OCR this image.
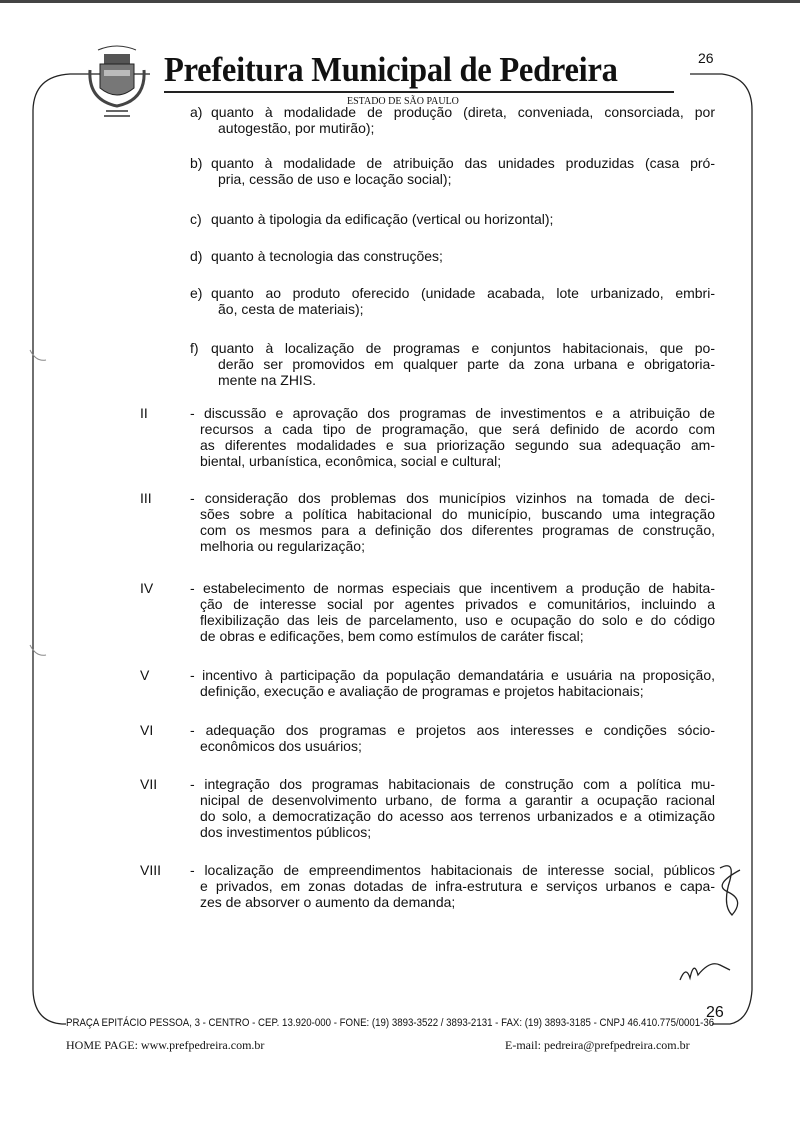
Prefeitura Municipal de Pedreira	26
ESTADO DE SÃO PAULO
a) quanto à modalidade de produção (direta, conveniada, consorciada, por
autogestão, por mutirão);
b) quanto à modalidade de atribuição das unidades produzidas (casa pró-
pria, cessão de uso e locação social);
c) quanto à tipologia da edificação (vertical ou horizontal);
d) quanto à tecnologia das construções;
e) quanto ao produto oferecido (unidade acabada, lote urbanizado, embri-
ão, cesta de materiais);
f) quanto à localização de programas e conjuntos habitacionais, que po-
derão ser promovidos em qualquer parte da zona urbana e obrigatoria-
mente na ZHIS.
II	- discussão e aprovação dos programas de investimentos e a atribuição de
recursos a cada tipo de programação, que será definido de acordo com
as diferentes modalidades e sua priorização segundo sua adequação am-
biental, urbanística, econômica, social e cultural;
III	- consideração dos problemas dos municípios vizinhos na tomada de deci-
sões sobre a política habitacional do município, buscando uma integração
com os mesmos para a definição dos diferentes programas de construção,
melhoria ou regularização;
IV	- estabelecimento de normas especiais que incentivem a produção de habita-
ção de interesse social por agentes privados e comunitários, incluindo a
flexibilização das leis de parcelamento, uso e ocupação do solo e do código
de obras e edificações, bem como estímulos de caráter fiscal;
V	- incentivo à participação da população demandatária e usuária na proposição,
definição, execução e avaliação de programas e projetos habitacionais;
VI	- adequação dos programas e projetos aos interesses e condições sócio-
econômicos dos usuários;
VII - integração dos programas habitacionais de construção com a política mu-
nicipal de desenvolvimento urbano, de forma a garantir a ocupação racional
do solo, a democratização do acesso aos terrenos urbanizados e a otimização
dos investimentos públicos;
VIII - localização de empreendimentos habitacionais de interesse social, públicos
e privados, em zonas dotadas de infra-estrutura e serviços urbanos e capa-
zes de absorver o aumento da demanda;
PRAÇA EPITÁCIO PESSOA, 3 - CENTRO - CEP. 13.920-000 - FONE: (19) 3893-3522 / 3893-2131 - FAX: (19) 3893-3185 - CNPJ 46.410.775/0001-36
26
HOME PAGE: www.prefpedreira.com.br	E-mail: pedreira@prefpedreira.com.br
